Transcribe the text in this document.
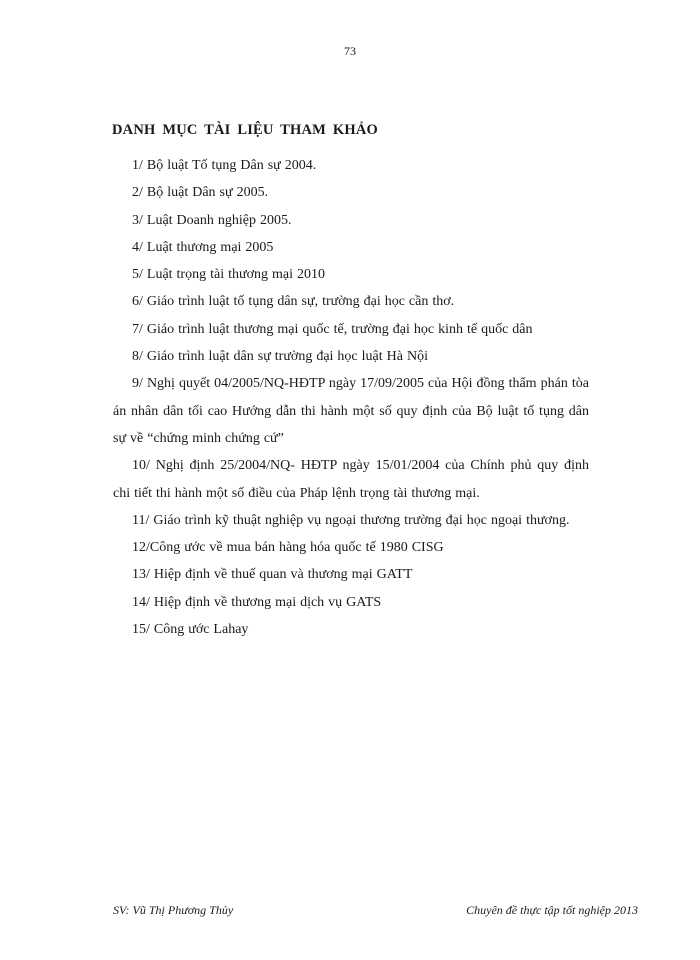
73
DANH MỤC TÀI LIỆU THAM KHẢO
1/ Bộ luật Tố tụng Dân sự 2004.
2/ Bộ luật Dân sự 2005.
3/ Luật Doanh nghiệp 2005.
4/ Luật thương mại 2005
5/ Luật trọng tài thương mại 2010
6/ Giáo trình luật tố tụng dân sự, trường đại học cần thơ.
7/ Giáo trình luật thương mại quốc tế, trường đại học kinh tế quốc dân
8/ Giáo trình luật dân sự trường đại học luật Hà Nội
9/ Nghị quyết 04/2005/NQ-HĐTP ngày 17/09/2005 của Hội đồng thẩm phán tòa án nhân dân tối cao Hướng dẫn thi hành một số quy định của Bộ luật tố tụng dân sự về “chứng minh chứng cứ”
10/ Nghị định 25/2004/NQ- HĐTP ngày 15/01/2004 của Chính phủ quy định chi tiết thi hành một số điều của Pháp lệnh trọng tài thương mại.
11/ Giáo trình kỹ thuật nghiệp vụ ngoại thương trường đại học ngoại thương.
12/Công ước về mua bán hàng hóa quốc tế 1980 CISG
13/ Hiệp định về thuế quan và thương mại GATT
14/ Hiệp định về thương mại dịch vụ GATS
15/ Công ước Lahay
SV: Vũ Thị Phương Thủy	Chuyên đề thực tập tốt nghiệp 2013
